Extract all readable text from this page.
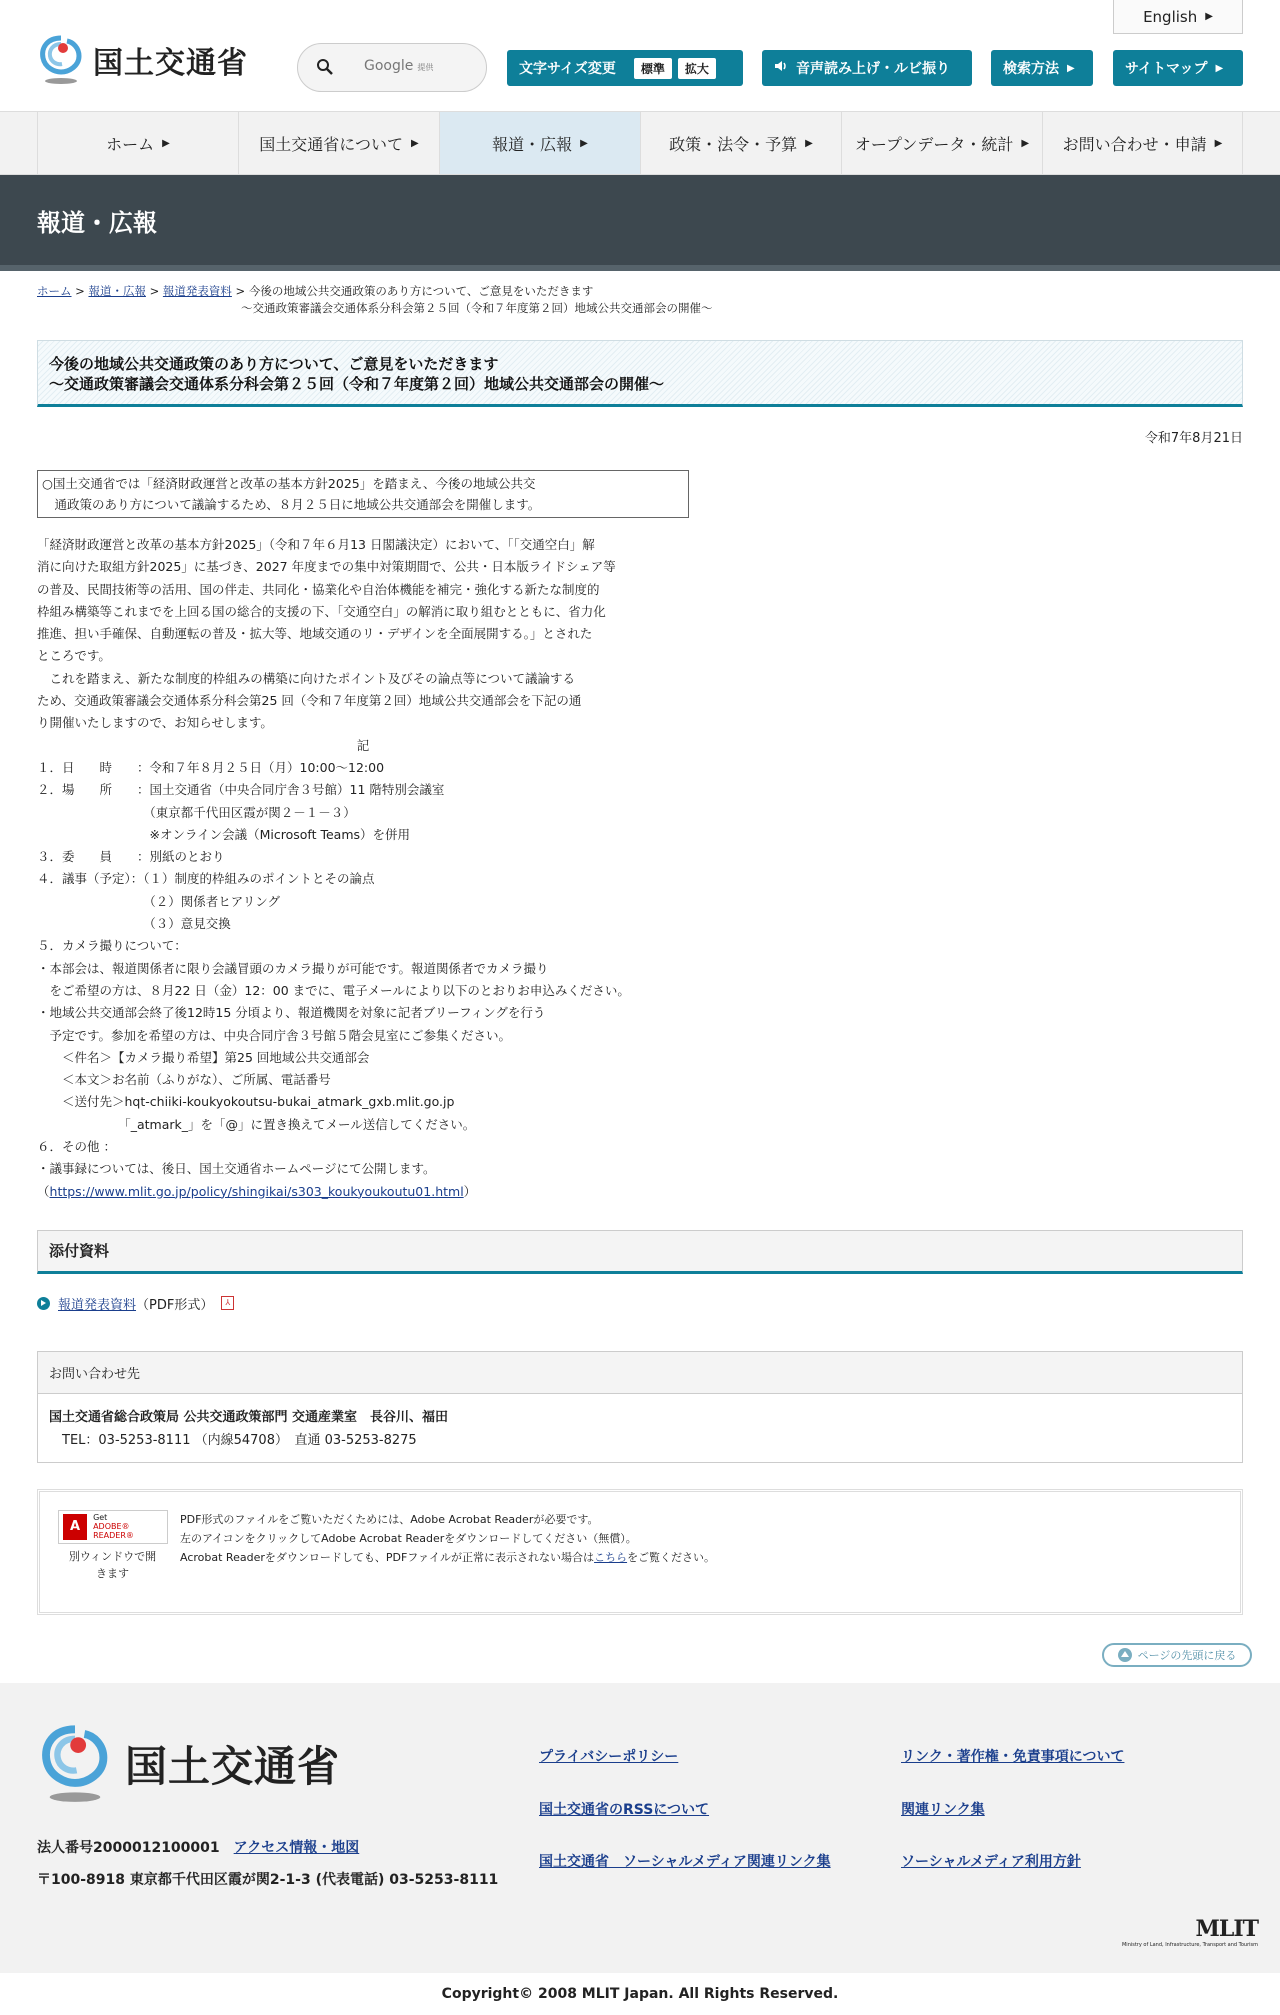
国土交通省	Google 提供
English ▶
文字サイズ変更	標準	拡大	音声読み上げ・ルビ振り	検索方法 ▶	サイトマップ ▶
ホーム ▶	国土交通省について ▶	報道・広報 ▶	政策・法令・予算 ▶	オープンデータ・統計 ▶ お問い合わせ・申請 ▶
報道・広報
ホーム > 報道・広報 > 報道発表資料 > 今後の地域公共交通政策のあり方について、ご意見をいただきます
～交通政策審議会交通体系分科会第２５回（令和７年度第２回）地域公共交通部会の開催～
今後の地域公共交通政策のあり方について、ご意見をいただきます
～交通政策審議会交通体系分科会第２５回（令和７年度第２回）地域公共交通部会の開催～
令和7年8月21日

○国土交通省では「経済財政運営と改革の基本方針2025」を踏まえ、今後の地域公共交

　通政策のあり方について議論するため、８月２５日に地域公共交通部会を開催します。

「経済財政運営と改革の基本方針2025」（令和７年６月13 日閣議決定）において、「「交通空白」解

消に向けた取組方針2025」に基づき、2027 年度までの集中対策期間で、公共・日本版ライドシェア等

の普及、民間技術等の活用、国の伴走、共同化・協業化や自治体機能を補完・強化する新たな制度的

枠組み構築等これまでを上回る国の総合的支援の下、「交通空白」の解消に取り組むとともに、省力化

推進、担い手確保、自動運転の普及・拡大等、地域交通のリ・デザインを全面展開する。」とされた

ところです。

　これを踏まえ、新たな制度的枠組みの構築に向けたポイント及びその論点等について議論する

ため、交通政策審議会交通体系分科会第25 回（令和７年度第２回）地域公共交通部会を下記の通

り開催いたしますので、お知らせします。

記

１．日　　時　　：令和７年８月２５日（月）10:00～12:00

２．場　　所　　：国土交通省（中央合同庁舎３号館）11 階特別会議室

　　　　　　　　　（東京都千代田区霞が関２－１－３）

　　　　　　　　　※オンライン会議（Microsoft Teams）を併用

３．委　　員　　：別紙のとおり

４．議事（予定）：（１）制度的枠組みのポイントとその論点

　　　　　　　　　（２）関係者ヒアリング

　　　　　　　　　（３）意見交換

５．カメラ撮りについて：

・本部会は、報道関係者に限り会議冒頭のカメラ撮りが可能です。報道関係者でカメラ撮り

　をご希望の方は、８月22 日（金）12：00 までに、電子メールにより以下のとおりお申込みください。

・地域公共交通部会終了後12時15 分頃より、報道機関を対象に記者ブリーフィングを行う

　予定です。参加を希望の方は、中央合同庁舎３号館５階会見室にご参集ください。

　　＜件名＞【カメラ撮り希望】第25 回地域公共交通部会

　　＜本文＞お名前（ふりがな）、ご所属、電話番号

　　＜送付先＞hqt-chiiki-koukyokoutsu-bukai_atmark_gxb.mlit.go.jp

　　　　　　　「_atmark_」を「@」に置き換えてメール送信してください。

６．その他 ：

・議事録については、後日、国土交通省ホームページにて公開します。

（https://www.mlit.go.jp/policy/shingikai/s303_koukyoukoutu01.html）

添付資料
報道発表資料 （PDF形式）	⅄
お問い合わせ先
国土交通省総合政策局 公共交通政策部門 交通産業室　長谷川、福田
　TEL：03-5253-8111 （内線54708）　直通 03-5253-8275
A
Get
ADOBE® READER®
別ウィンドウで開きます
PDF形式のファイルをご覧いただくためには、Adobe Acrobat Readerが必要です。
左のアイコンをクリックしてAdobe Acrobat Readerをダウンロードしてください（無償）。
Acrobat Readerをダウンロードしても、PDFファイルが正常に表示されない場合はこちらをご覧ください。
ページの先頭に戻る
国土交通省
法人番号2000012100001　 アクセス情報・地図
〒100-8918 東京都千代田区霞が関2-1-3 (代表電話) 03-5253-8111
プライバシーポリシー
国土交通省のRSSについて
国土交通省　ソーシャルメディア関連リンク集
リンク・著作権・免責事項について
関連リンク集
ソーシャルメディア利用方針
MLIT
Ministry of Land, Infrastructure, Transport and Tourism
Copyright© 2008 MLIT Japan. All Rights Reserved.
